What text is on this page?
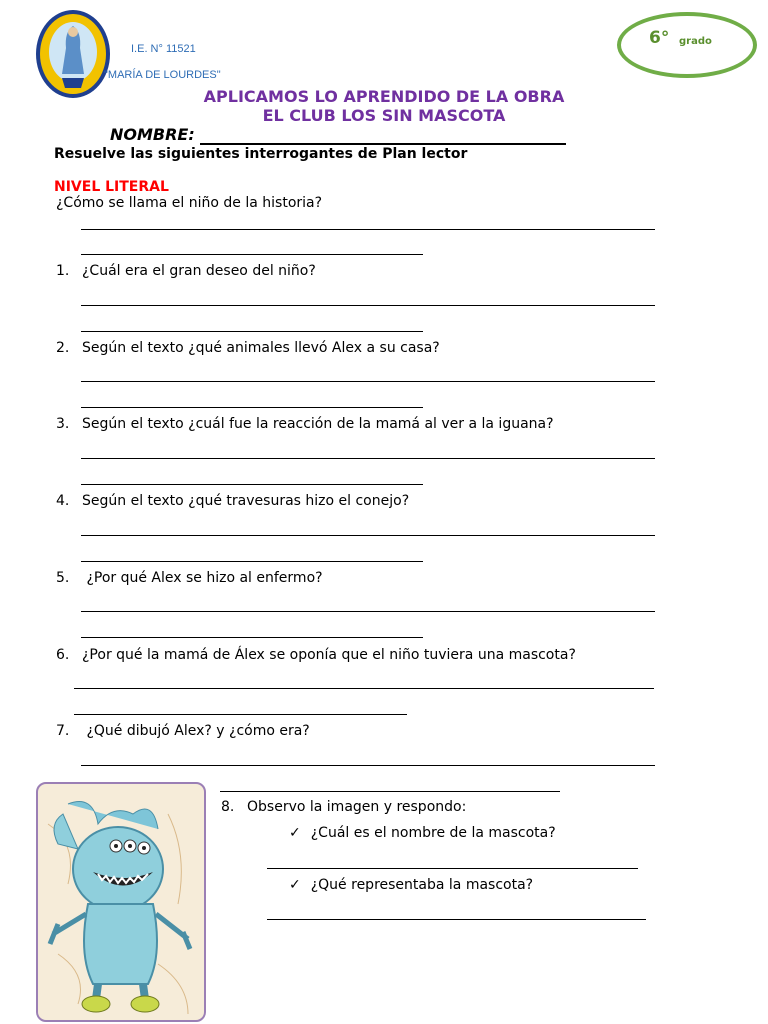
I.E. N° 11521
"MARÍA DE LOURDES"
6° grado
APLICAMOS LO APRENDIDO DE LA OBRA
EL CLUB LOS SIN MASCOTA
NOMBRE:
Resuelve las siguientes interrogantes de Plan lector
NIVEL LITERAL
¿Cómo se llama el niño de la historia?
1. ¿Cuál era el gran deseo del niño?
2. Según el texto ¿qué animales llevó Alex a su casa?
3. Según el texto ¿cuál fue la reacción de la mamá al ver a la iguana?
4. Según el texto ¿qué travesuras hizo el conejo?
5. ¿Por qué Alex se hizo al enfermo?
6. ¿Por qué la mamá de Álex se oponía que el niño tuviera una mascota?
7. ¿Qué dibujó Alex? y ¿cómo era?
8. Observo la imagen y respondo:
✓ ¿Cuál es el nombre de la mascota?
✓ ¿Qué representaba la mascota?
